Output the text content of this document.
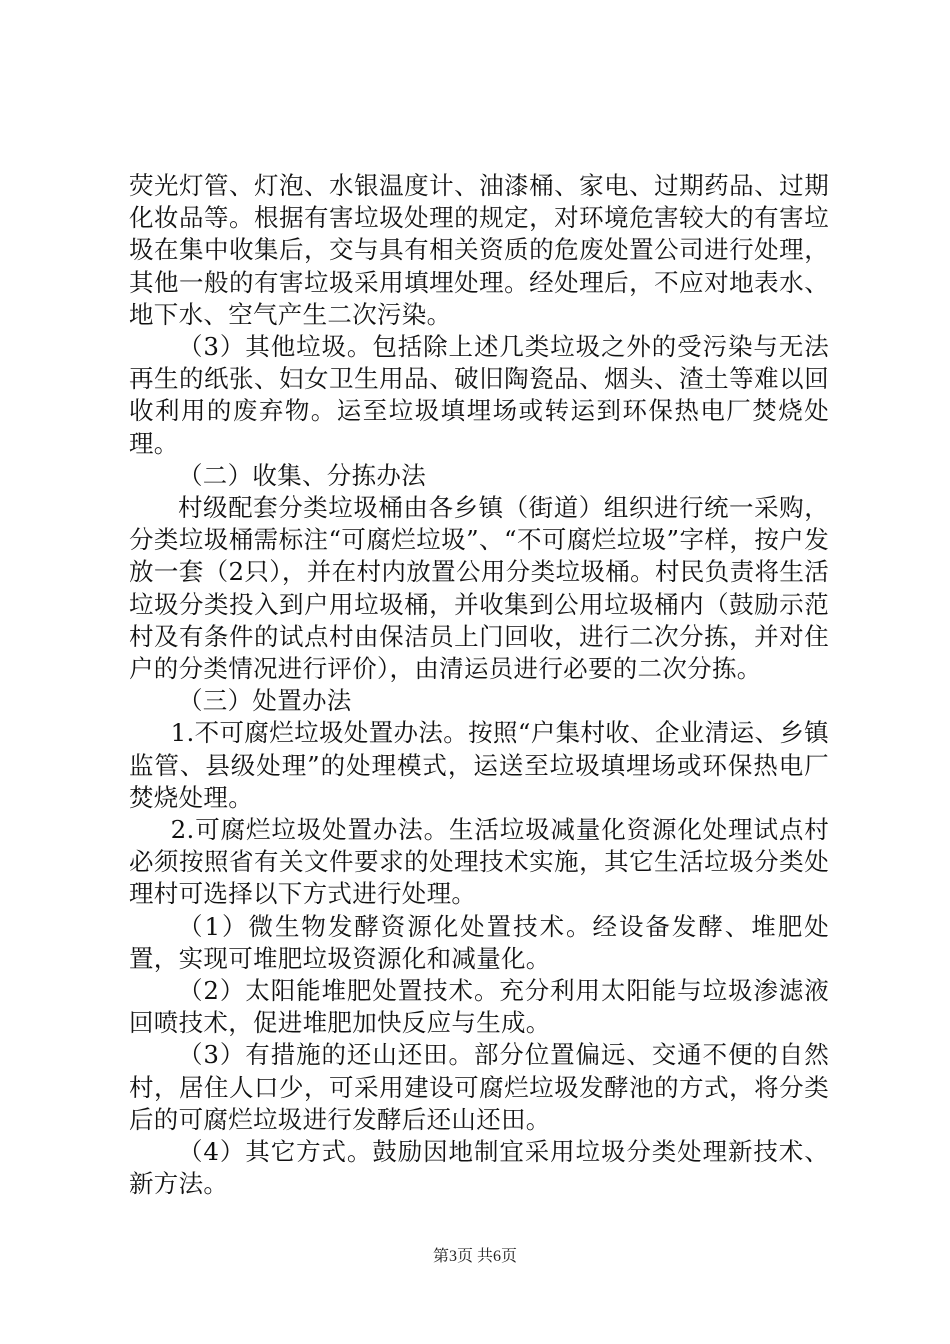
荧光灯管、灯泡、水银温度计、油漆桶、家电、过期药品、过期化妆品等。根据有害垃圾处理的规定，对环境危害较大的有害垃圾在集中收集后，交与具有相关资质的危废处置公司进行处理，其他一般的有害垃圾采用填埋处理。经处理后，不应对地表水、地下水、空气产生二次污染。

（3）其他垃圾。包括除上述几类垃圾之外的受污染与无法再生的纸张、妇女卫生用品、破旧陶瓷品、烟头、渣土等难以回收利用的废弃物。运至垃圾填埋场或转运到环保热电厂焚烧处理。

（二）收集、分拣办法

村级配套分类垃圾桶由各乡镇（街道）组织进行统一采购，分类垃圾桶需标注“可腐烂垃圾”、“不可腐烂垃圾”字样，按户发放一套（2只），并在村内放置公用分类垃圾桶。村民负责将生活垃圾分类投入到户用垃圾桶，并收集到公用垃圾桶内（鼓励示范村及有条件的试点村由保洁员上门回收，进行二次分拣，并对住户的分类情况进行评价），由清运员进行必要的二次分拣。

（三）处置办法

1.不可腐烂垃圾处置办法。按照“户集村收、企业清运、乡镇监管、县级处理”的处理模式，运送至垃圾填埋场或环保热电厂焚烧处理。

2.可腐烂垃圾处置办法。生活垃圾减量化资源化处理试点村必须按照省有关文件要求的处理技术实施，其它生活垃圾分类处理村可选择以下方式进行处理。

（1）微生物发酵资源化处置技术。经设备发酵、堆肥处置，实现可堆肥垃圾资源化和减量化。

（2）太阳能堆肥处置技术。充分利用太阳能与垃圾渗滤液回喷技术，促进堆肥加快反应与生成。

（3）有措施的还山还田。部分位置偏远、交通不便的自然村，居住人口少，可采用建设可腐烂垃圾发酵池的方式，将分类后的可腐烂垃圾进行发酵后还山还田。

（4）其它方式。鼓励因地制宜采用垃圾分类处理新技术、新方法。

第3页 共6页
